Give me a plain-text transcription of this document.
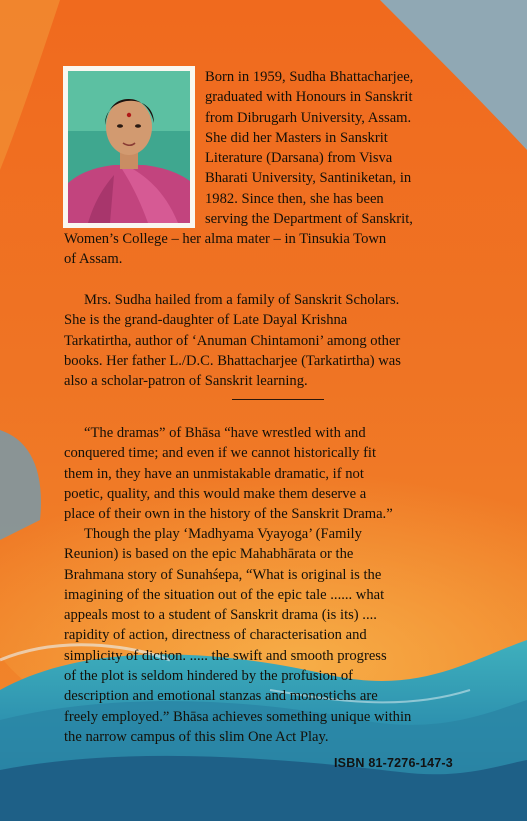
Born in 1959, Sudha Bhattacharjee,
graduated with Honours in Sanskrit
from Dibrugarh University, Assam.
She did her Masters in Sanskrit
Literature (Darsana) from Visva
Bharati University, Santiniketan, in
1982. Since then, she has been
serving the Department of Sanskrit,

Women’s College – her alma mater – in Tinsukia Town
of Assam.

Mrs. Sudha hailed from a family of Sanskrit Scholars.
She is the grand-daughter of Late Dayal Krishna
Tarkatirtha, author of ‘Anuman Chintamoni’ among other
books. Her father L./D.C. Bhattacharjee (Tarkatirtha) was
also a scholar-patron of Sanskrit learning.

“The dramas” of Bhāsa “have wrestled with and
conquered time; and even if we cannot historically fit
them in, they have an unmistakable dramatic, if not
poetic, quality, and this would make them deserve a
place of their own in the history of the Sanskrit Drama.”

Though the play ‘Madhyama Vyayoga’ (Family
Reunion) is based on the epic Mahabhārata or the
Brahmana story of Sunahśepa, “What is original is the
imagining of the situation out of the epic tale ...... what
appeals most to a student of Sanskrit drama (is its) ....
rapidity of action, directness of characterisation and
simplicity of diction. ..... the swift and smooth progress
of the plot is seldom hindered by the profusion of
description and emotional stanzas and monostichs are
freely employed.” Bhāsa achieves something unique within
the narrow campus of this slim One Act Play.

ISBN 81-7276-147-3
